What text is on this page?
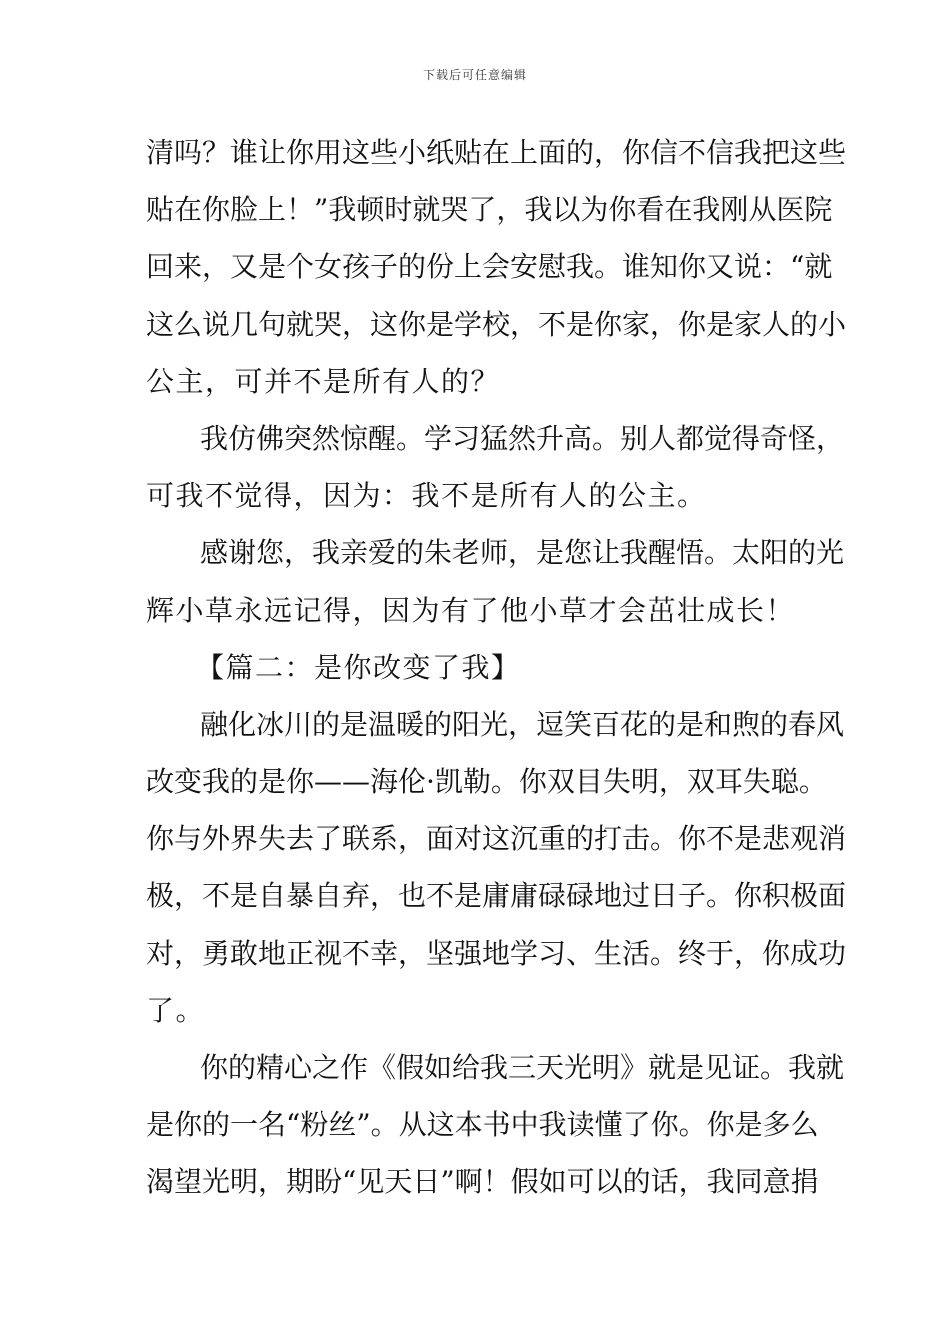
下载后可任意编辑
清吗？谁让你用这些小纸贴在上面的，你信不信我把这些
贴在你脸上！”我顿时就哭了，我以为你看在我刚从医院
回来，又是个女孩子的份上会安慰我。谁知你又说：“就
这么说几句就哭，这你是学校，不是你家，你是家人的小
公主，可并不是所有人的？
我仿佛突然惊醒。学习猛然升高。别人都觉得奇怪，
可我不觉得，因为：我不是所有人的公主。
感谢您，我亲爱的朱老师，是您让我醒悟。太阳的光
辉小草永远记得，因为有了他小草才会茁壮成长！
【篇二：是你改变了我】
融化冰川的是温暖的阳光，逗笑百花的是和煦的春风
改变我的是你——海伦·凯勒。你双目失明，双耳失聪。
你与外界失去了联系，面对这沉重的打击。你不是悲观消
极，不是自暴自弃，也不是庸庸碌碌地过日子。你积极面
对，勇敢地正视不幸，坚强地学习、生活。终于，你成功
了。
你的精心之作《假如给我三天光明》就是见证。我就
是你的一名“粉丝”。从这本书中我读懂了你。你是多么
渴望光明，期盼“见天日”啊！假如可以的话，我同意捐
